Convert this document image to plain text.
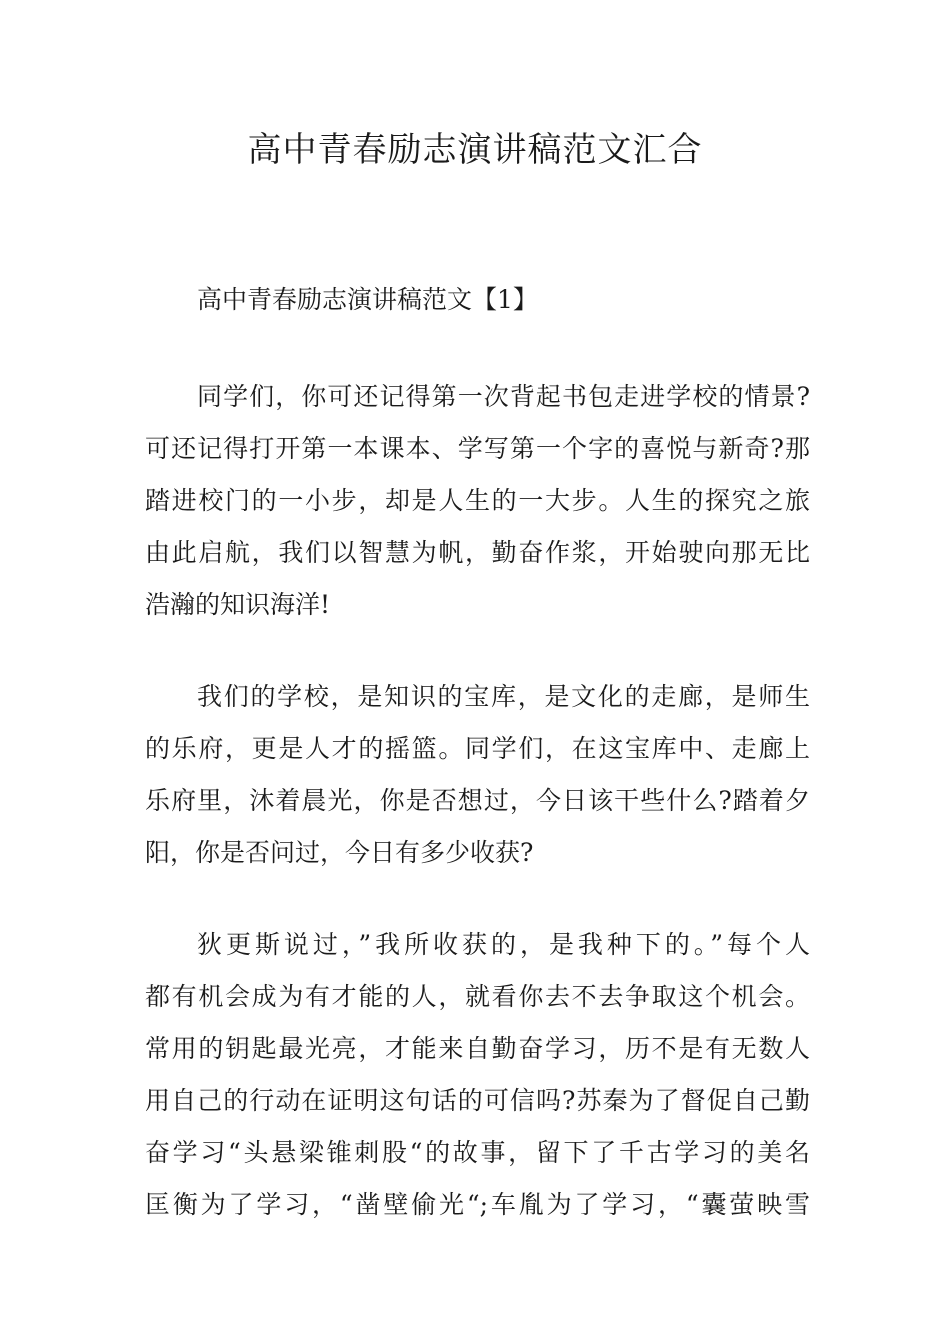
高中青春励志演讲稿范文汇合
高中青春励志演讲稿范文【1】

同学们，你可还记得第一次背起书包走进学校的情景?
可还记得打开第一本课本、学写第一个字的喜悦与新奇?那
踏进校门的一小步，却是人生的一大步。人生的探究之旅
由此启航，我们以智慧为帆，勤奋作浆，开始驶向那无比
浩瀚的知识海洋!

我们的学校，是知识的宝库，是文化的走廊，是师生
的乐府，更是人才的摇篮。同学们，在这宝库中、走廊上
乐府里，沐着晨光，你是否想过，今日该干些什么?踏着夕
阳，你是否问过，今日有多少收获?

狄更斯说过，”我所收获的，是我种下的。”每个人
都有机会成为有才能的人，就看你去不去争取这个机会。
常用的钥匙最光亮，才能来自勤奋学习，历不是有无数人
用自己的行动在证明这句话的可信吗?苏秦为了督促自己勤
奋学习“头悬梁锥刺股“的故事，留下了千古学习的美名
匡衡为了学习，“凿壁偷光“;车胤为了学习，“囊萤映雪
